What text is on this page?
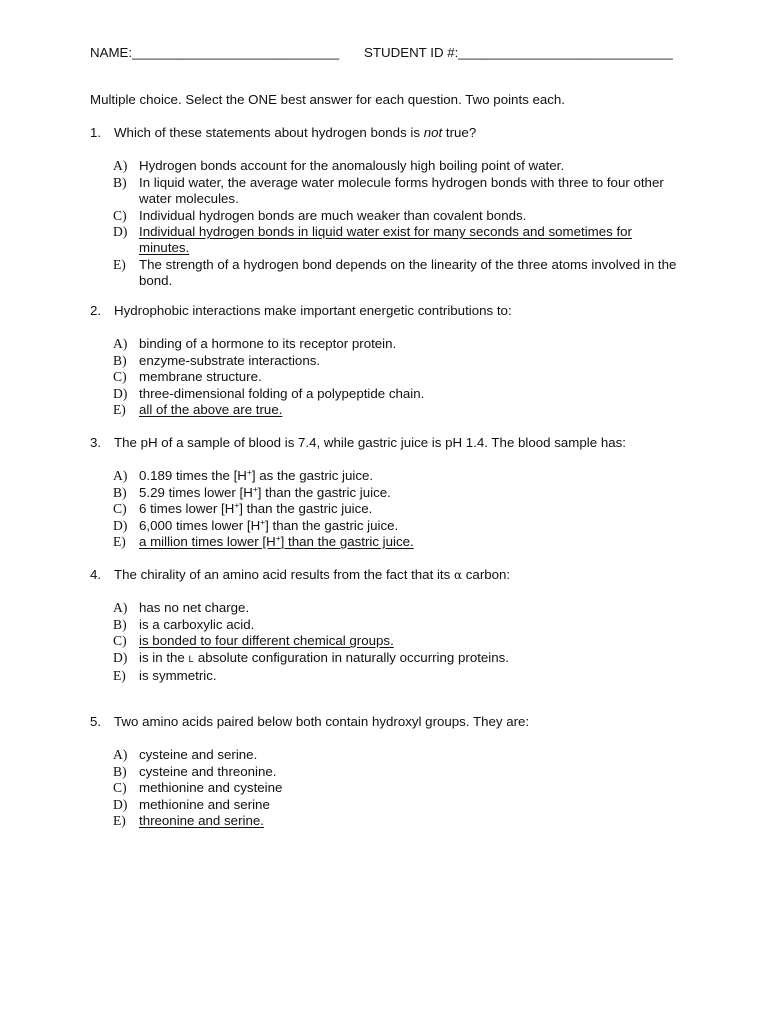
NAME:____________________________ STUDENT ID #:_____________________________
Multiple choice. Select the ONE best answer for each question. Two points each.
1. Which of these statements about hydrogen bonds is not true?
A) Hydrogen bonds account for the anomalously high boiling point of water.
B) In liquid water, the average water molecule forms hydrogen bonds with three to four other water molecules.
C) Individual hydrogen bonds are much weaker than covalent bonds.
D) Individual hydrogen bonds in liquid water exist for many seconds and sometimes for minutes.
E) The strength of a hydrogen bond depends on the linearity of the three atoms involved in the bond.
2. Hydrophobic interactions make important energetic contributions to:
A) binding of a hormone to its receptor protein.
B) enzyme-substrate interactions.
C) membrane structure.
D) three-dimensional folding of a polypeptide chain.
E) all of the above are true.
3. The pH of a sample of blood is 7.4, while gastric juice is pH 1.4. The blood sample has:
A) 0.189 times the [H+] as the gastric juice.
B) 5.29 times lower [H+] than the gastric juice.
C) 6 times lower [H+] than the gastric juice.
D) 6,000 times lower [H+] than the gastric juice.
E) a million times lower [H+] than the gastric juice.
4. The chirality of an amino acid results from the fact that its α carbon:
A) has no net charge.
B) is a carboxylic acid.
C) is bonded to four different chemical groups.
D) is in the L absolute configuration in naturally occurring proteins.
E) is symmetric.
5. Two amino acids paired below both contain hydroxyl groups. They are:
A) cysteine and serine.
B) cysteine and threonine.
C) methionine and cysteine
D) methionine and serine
E) threonine and serine.
